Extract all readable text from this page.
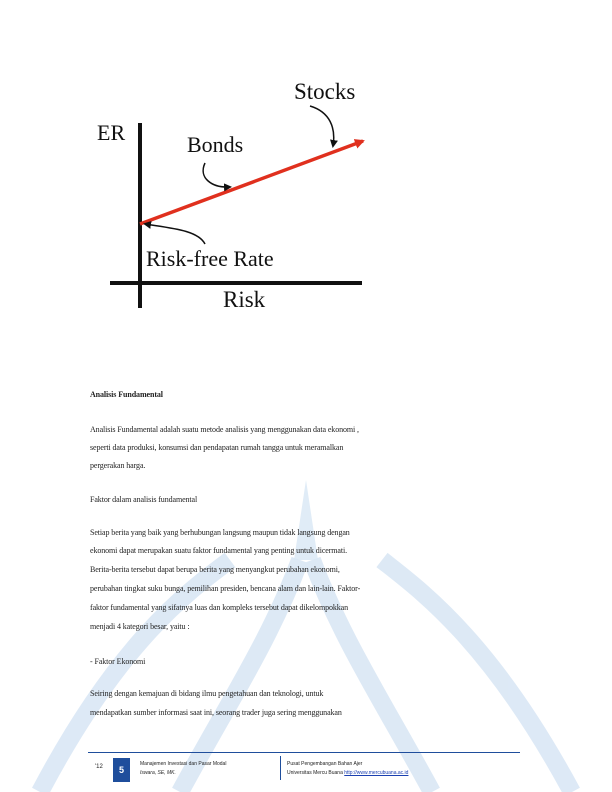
ER
Stocks
Bonds
Risk-free Rate
Risk
Analisis Fundamental
Analisis Fundamental adalah suatu metode analisis yang menggunakan data ekonomi ,
seperti data produksi, konsumsi dan pendapatan rumah tangga untuk meramalkan
pergerakan harga.
Faktor dalam analisis fundamental
Setiap berita yang baik yang berhubungan langsung maupun tidak langsung dengan
ekonomi dapat merupakan suatu faktor fundamental yang penting untuk dicermati.
Berita-berita tersebut dapat berupa berita yang menyangkut perubahan ekonomi,
perubahan tingkat suku bunga, pemilihan presiden, bencana alam dan lain-lain. Faktor-
faktor fundamental yang sifatnya luas dan kompleks tersebut dapat dikelompokkan
menjadi 4 kategori besar, yaitu :
- Faktor Ekonomi
Seiring dengan kemajuan di bidang ilmu pengetahuan dan teknologi, untuk
mendapatkan sumber informasi saat ini, seorang trader juga sering menggunakan
'12	5
Manajemen Investasi dan Pasar Modal
Iswara, SE, MK.
Pusat Pengembangan Bahan Ajer
Universitas Mercu Buana http://www.mercubuana.ac.id
